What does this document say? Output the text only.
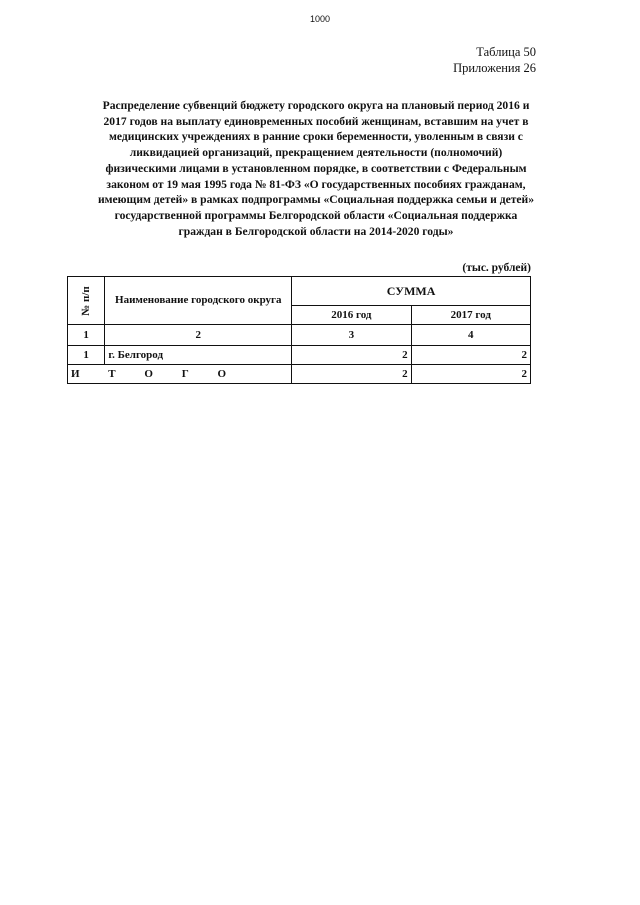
1000
Таблица 50
Приложения 26
Распределение субвенций бюджету городского округа на плановый период 2016 и
2017 годов на выплату единовременных пособий женщинам, вставшим на учет в
медицинских учреждениях в ранние сроки беременности, уволенным в связи с
ликвидацией организаций, прекращением деятельности (полномочий)
физическими лицами в установленном порядке, в соответствии с Федеральным
законом от 19 мая 1995 года № 81-ФЗ «О государственных пособиях гражданам,
имеющим детей» в рамках подпрограммы «Социальная поддержка семьи и детей»
государственной программы Белгородской области «Социальная поддержка
граждан в Белгородской области на 2014-2020 годы»
(тыс. рублей)
№ п/п	Наименование городского округа	СУММА	
		2016 год	2017 год
1	2	3	4
1	г. Белгород	2	2
И Т О Г О		2	2
